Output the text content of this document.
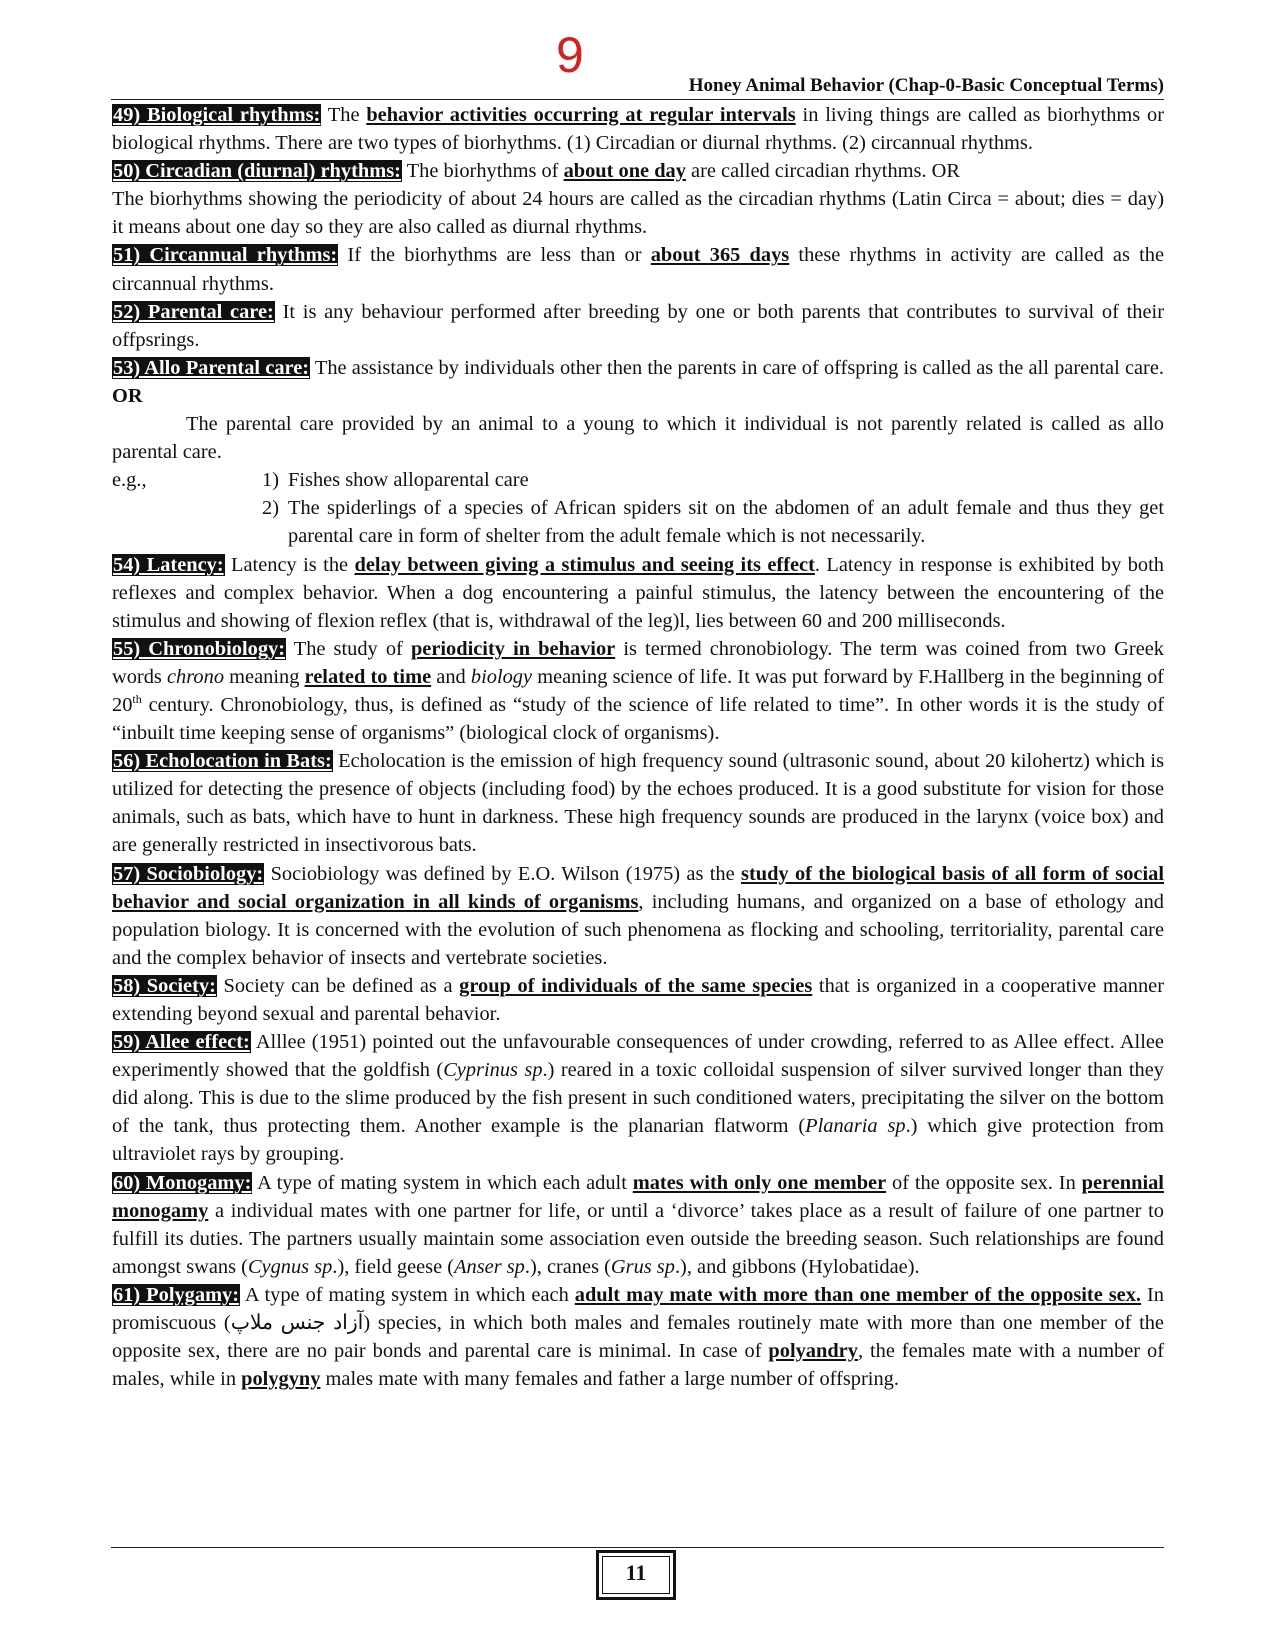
9
Honey Animal Behavior (Chap-0-Basic Conceptual Terms)

49) Biological rhythms: The behavior activities occurring at regular intervals in living things are called as biorhythms or biological rhythms. There are two types of biorhythms. (1) Circadian or diurnal rhythms. (2) circannual rhythms.

50) Circadian (diurnal) rhythms: The biorhythms of about one day are called circadian rhythms. OR

The biorhythms showing the periodicity of about 24 hours are called as the circadian rhythms (Latin Circa = about; dies = day) it means about one day so they are also called as diurnal rhythms.

51) Circannual rhythms: If the biorhythms are less than or about 365 days these rhythms in activity are called as the circannual rhythms.

52) Parental care: It is any behaviour performed after breeding by one or both parents that contributes to survival of their offpsrings.

53) Allo Parental care: The assistance by individuals other then the parents in care of offspring is called as the all parental care. OR

The parental care provided by an animal to a young to which it individual is not parently related is called as allo parental care.

e.g.,	1) Fishes show alloparental care
2) The spiderlings of a species of African spiders sit on the abdomen of an adult female and thus they get parental care in form of shelter from the adult female which is not necessarily.

54) Latency: Latency is the delay between giving a stimulus and seeing its effect. Latency in response is exhibited by both reflexes and complex behavior. When a dog encountering a painful stimulus, the latency between the encountering of the stimulus and showing of flexion reflex (that is, withdrawal of the leg)l, lies between 60 and 200 milliseconds.

55) Chronobiology: The study of periodicity in behavior is termed chronobiology. The term was coined from two Greek words chrono meaning related to time and biology meaning science of life. It was put forward by F.Hallberg in the beginning of 20th century. Chronobiology, thus, is defined as “study of the science of life related to time”. In other words it is the study of “inbuilt time keeping sense of organisms” (biological clock of organisms).

56) Echolocation in Bats: Echolocation is the emission of high frequency sound (ultrasonic sound, about 20 kilohertz) which is utilized for detecting the presence of objects (including food) by the echoes produced. It is a good substitute for vision for those animals, such as bats, which have to hunt in darkness. These high frequency sounds are produced in the larynx (voice box) and are generally restricted in insectivorous bats.

57) Sociobiology: Sociobiology was defined by E.O. Wilson (1975) as the study of the biological basis of all form of social behavior and social organization in all kinds of organisms, including humans, and organized on a base of ethology and population biology. It is concerned with the evolution of such phenomena as flocking and schooling, territoriality, parental care and the complex behavior of insects and vertebrate societies.

58) Society: Society can be defined as a group of individuals of the same species that is organized in a cooperative manner extending beyond sexual and parental behavior.

59) Allee effect: Alllee (1951) pointed out the unfavourable consequences of under crowding, referred to as Allee effect. Allee experimently showed that the goldfish (Cyprinus sp.) reared in a toxic colloidal suspension of silver survived longer than they did along. This is due to the slime produced by the fish present in such conditioned waters, precipitating the silver on the bottom of the tank, thus protecting them. Another example is the planarian flatworm (Planaria sp.) which give protection from ultraviolet rays by grouping.

60) Monogamy: A type of mating system in which each adult mates with only one member of the opposite sex. In perennial monogamy a individual mates with one partner for life, or until a ‘divorce’ takes place as a result of failure of one partner to fulfill its duties. The partners usually maintain some association even outside the breeding season. Such relationships are found amongst swans (Cygnus sp.), field geese (Anser sp.), cranes (Grus sp.), and gibbons (Hylobatidae).

61) Polygamy: A type of mating system in which each adult may mate with more than one member of the opposite sex. In promiscuous (آزاد جنس ملاپ) species, in which both males and females routinely mate with more than one member of the opposite sex, there are no pair bonds and parental care is minimal. In case of polyandry, the females mate with a number of males, while in polygyny males mate with many females and father a large number of offspring.

11
